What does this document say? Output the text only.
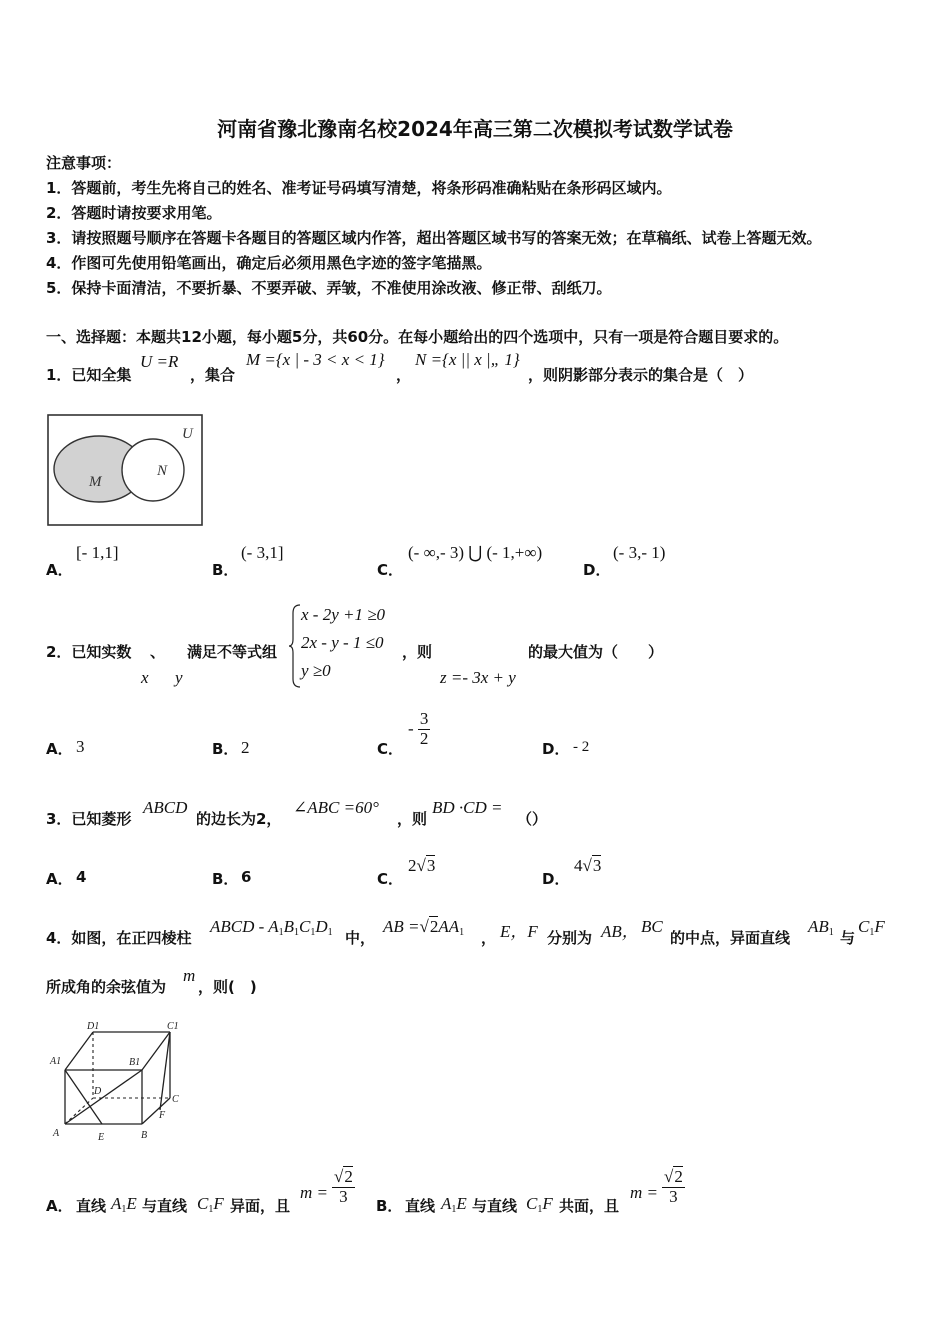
河南省豫北豫南名校2024年高三第二次模拟考试数学试卷
注意事项：
1．答题前，考生先将自己的姓名、准考证号码填写清楚，将条形码准确粘贴在条形码区域内。
2．答题时请按要求用笔。
3．请按照题号顺序在答题卡各题目的答题区域内作答，超出答题区域书写的答案无效；在草稿纸、试卷上答题无效。
4．作图可先使用铅笔画出，确定后必须用黑色字迹的签字笔描黑。
5．保持卡面清洁，不要折暴、不要弄破、弄皱，不准使用涂改液、修正带、刮纸刀。
一、选择题：本题共12小题，每小题5分，共60分。在每小题给出的四个选项中，只有一项是符合题目要求的。
1．已知全集
U =R
，集合
M ={x | - 3 < x < 1}
，
N ={x || x |„ 1}
，则阴影部分表示的集合是（　）
U
M
N
A．
[- 1,1]
B．
(- 3,1]
C．
(- ∞,- 3) ⋃ (- 1,+∞)
D．
(- 3,- 1)
2．已知实数
x
、
y
满足不等式组
x - 2y +1 ≥0
2x - y - 1 ≤0
y ≥0
，则
z =- 3x + y
的最大值为（　　）
A． 3	B． 2	C．
- $\frac{3}{2}$
D． - 2
3．已知菱形
ABCD
的边长为2，
∠ABC =60°
，则
BD ·CD =
（）
A． 4	B． 6	C．
2√3
D．
4√3
4．如图，在正四棱柱
ABCD - $A_1B_1C_1D_1$ 中，
AB $=√2AA_1$ ， E，F 分别为 AB， BC
的中点，异面直线
$AB_1$ 与
$C_1F$
所成角的余弦值为
m
，则(　)
D1	C1
A1	B1
D
C
A	E	B
F
A． 直线 $A_1E$ 与直线 $C_1F$ 异面，且
$m = \frac{√2}{3}$ B． 直线 $A_1E$ 与直线 $C_1F$ 共面，且
$m = \frac{√2}{3}$
